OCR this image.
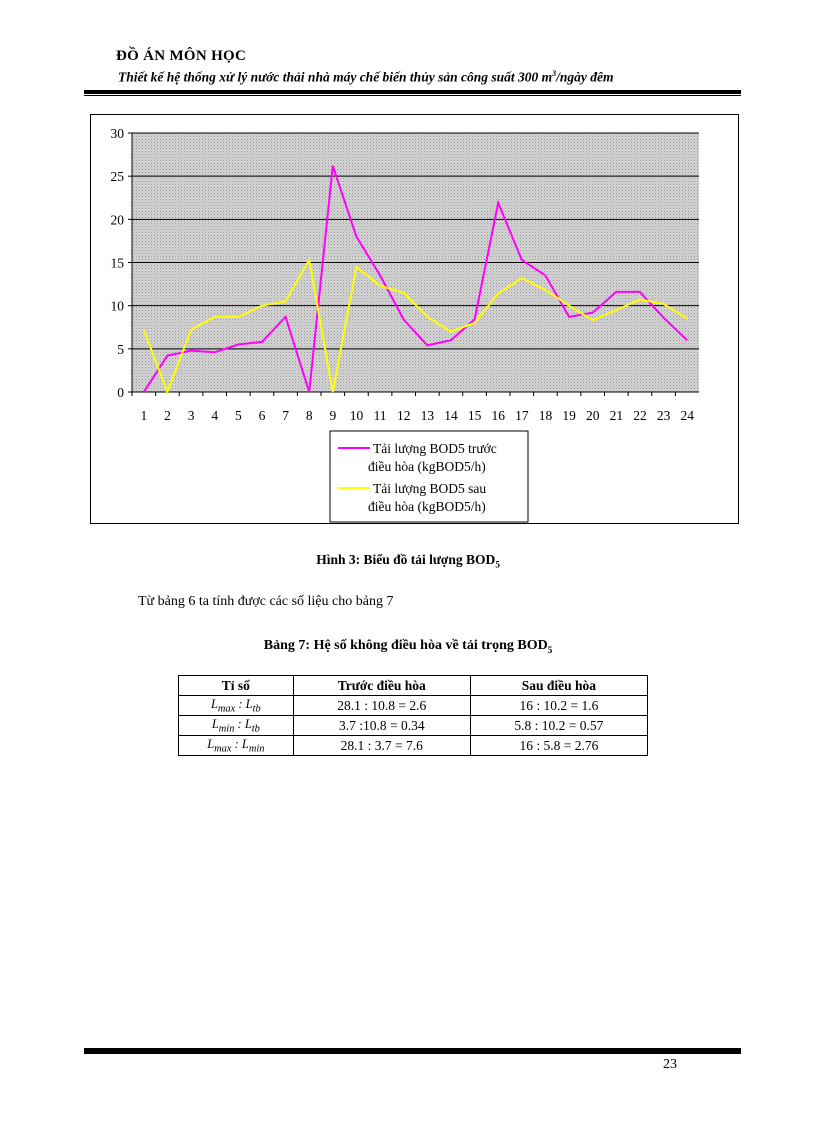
ĐỒ ÁN MÔN HỌC
Thiết kế hệ thống xử lý nước thải nhà máy chế biến thủy sản công suất 300 $m^3$/ngày đêm
0
5
10
15
20
25
30
1 2 3 4 5 6 7 8 9 10 11 12 13 14 15 16 17 18 19 20 21 22 23 24
Tải lượng BOD5 trước
điều hòa (kgBOD5/h)
Tải lượng BOD5 sau
điều hòa (kgBOD5/h)
Hình 3: Biểu đồ tải lượng $BOD_5$
Từ bảng 6 ta tính được các số liệu cho bảng 7
Bảng 7: Hệ số không điều hòa về tải trọng $BOD_5$
Tỉ số	Trước điều hòa	Sau điều hòa
$L_{max}$ : $L_{tb}$	28.1 : 10.8 = 2.6	16 : 10.2 = 1.6
$L_{min}$ : $L_{tb}$	3.7 :10.8 = 0.34	5.8 : 10.2 = 0.57
$L_{max}$ : $L_{min}$	28.1 : 3.7 = 7.6	16 : 5.8 = 2.76
23
